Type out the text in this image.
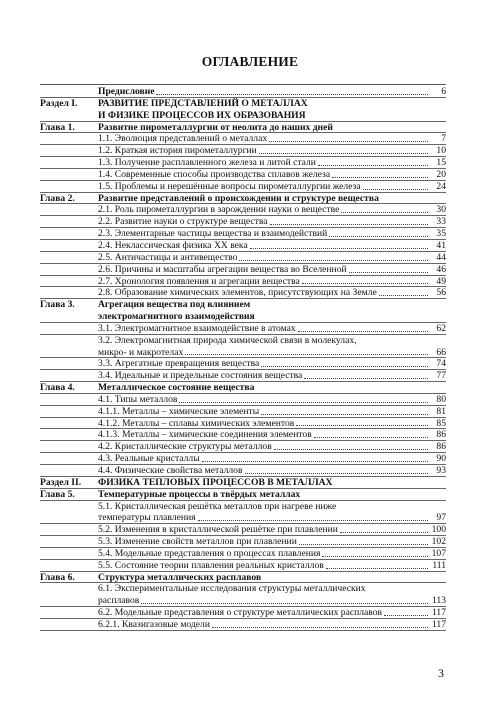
ОГЛАВЛЕНИЕ
Предисловие	6
Раздел I.	РАЗВИТИЕ ПРЕДСТАВЛЕНИЙ О МЕТАЛЛАХ
И ФИЗИКЕ ПРОЦЕССОВ ИХ ОБРАЗОВАНИЯ
Глава 1.	Развитие пирометаллургии от неолита до наших дней
1.1. Эволюция представлений о металлах	7
1.2. Краткая история пирометаллургии	10
1.3. Получение расплавленного железа и литой стали	15
1.4. Современные способы производства сплавов железа	20
1.5. Проблемы и нерешённые вопросы пирометаллургии железа	24
Глава 2.	Развитие представлений о происхождении и структуре вещества
2.1. Роль пирометаллургии в зарождении науки о веществе	30
2.2. Развитие науки о структуре вещества	33
2.3. Элементарные частицы вещества и взаимодействий	35
2.4. Неклассическая физика XX века	41
2.5. Античастицы и антивещество	44
2.6. Причины и масштабы агрегации вещества во Вселенной	46
2.7. Хронология появления и агрегации вещества	49
2.8. Образование химических элементов, присутствующих на Земле	56
Глава 3.	Агрегация вещества под влиянием
электромагнитного взаимодействия
3.1. Электромагнитное взаимодействие в атомах	62
3.2. Электромагнитная природа химической связи в молекулах,
микро- и макротелах	66
3.3. Агрегатные превращения вещества	74
3.4. Идеальные и предельные состояния вещества	77
Глава 4.	Металлическое состояние вещества
4.1. Типы металлов	80
4.1.1. Металлы – химические элементы	81
4.1.2. Металлы – сплавы химических элементов	85
4.1.3. Металлы – химические соединения элементов	86
4.2. Кристаллические структуры металлов	86
4.3. Реальные кристаллы	90
4.4. Физические свойства металлов	93
Раздел II.	ФИЗИКА ТЕПЛОВЫХ ПРОЦЕССОВ В МЕТАЛЛАХ
Глава 5.	Температурные процессы в твёрдых металлах
5.1. Кристаллическая решётка металлов при нагреве ниже
температуры плавления	97
5.2. Изменения в кристаллической решётке при плавлении	100
5.3. Изменение свойств металлов при плавлении	102
5.4. Модельные представления о процессах плавления	107
5.5. Состояние теории плавления реальных кристаллов	111
Глава 6.	Структура металлических расплавов
6.1. Экспериментальные исследования структуры металлических
расплавов	113
6.2. Модельные представления о структуре металлических расплавов	117
6.2.1. Квазигазовые модели	117
3
